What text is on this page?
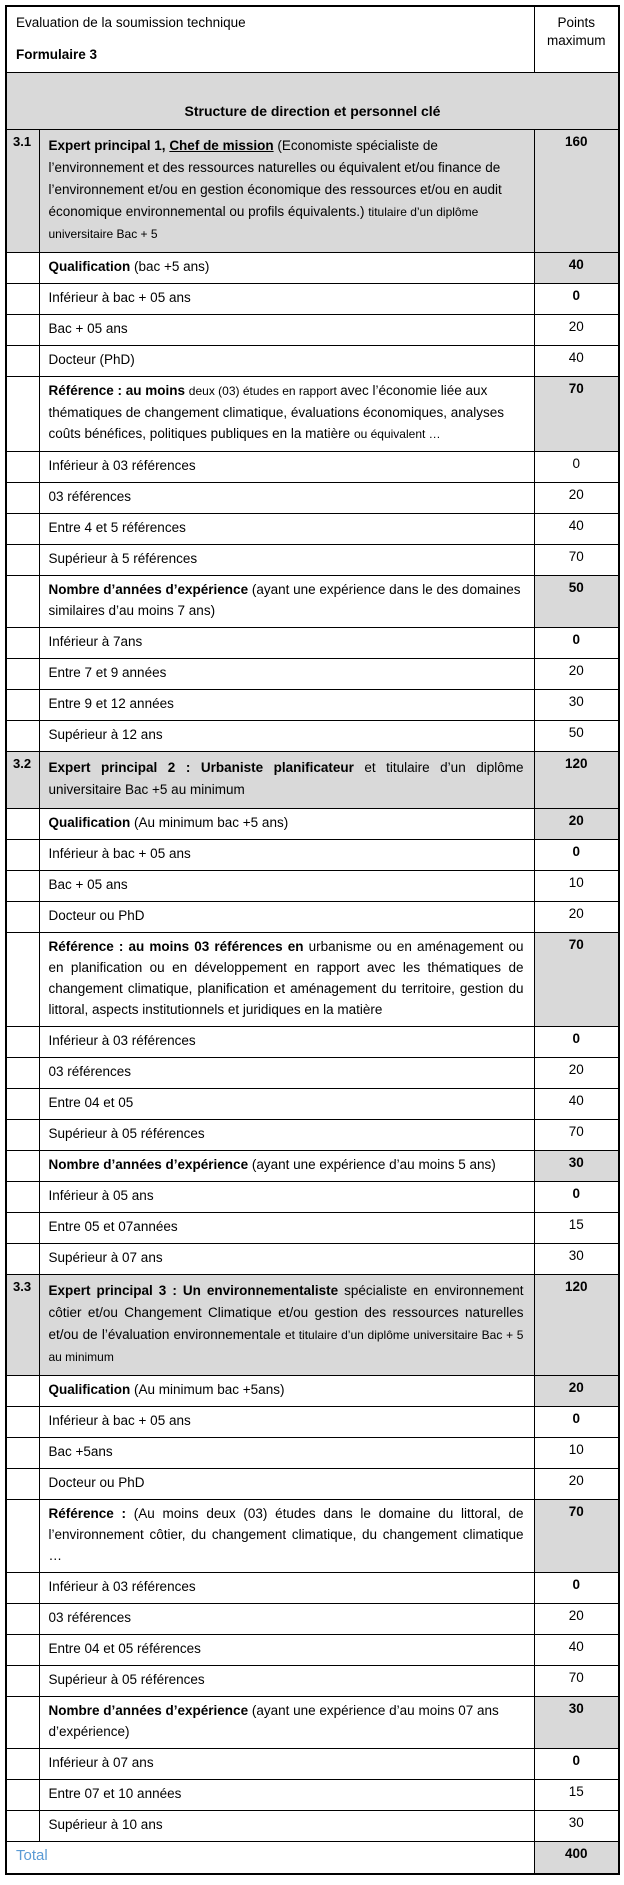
Evaluation de la soumission technique
Formulaire 3		Points maximum
Structure de direction et personnel clé		
3.1	Expert principal 1, Chef de mission (Economiste spécialiste de l’environnement et des ressources naturelles ou équivalent et/ou finance de l’environnement et/ou en gestion économique des ressources et/ou en audit économique environnemental ou profils équivalents.) titulaire d’un diplôme universitaire Bac + 5	160
	Qualification (bac +5 ans)	40
	Inférieur à bac + 05 ans	0
	Bac + 05 ans	20
	Docteur (PhD)	40
	Référence : au moins deux (03) études en rapport avec l’économie liée aux thématiques de changement climatique, évaluations économiques, analyses coûts bénéfices, politiques publiques en la matière ou équivalent …	70
	Inférieur à 03 références	0
	03 références	20
	Entre 4 et 5 références	40
	Supérieur à 5 références	70
	Nombre d’années d’expérience (ayant une expérience dans le des domaines similaires d’au moins 7 ans)	50
	Inférieur à 7ans	0
	Entre 7 et 9 années	20
	Entre 9 et 12 années	30
	Supérieur à 12 ans	50
3.2	Expert principal 2 : Urbaniste planificateur et titulaire d’un diplôme universitaire Bac +5 au minimum	120
	Qualification (Au minimum bac +5 ans)	20
	Inférieur à bac + 05 ans	0
	Bac + 05 ans	10
	Docteur ou PhD	20
	Référence : au moins 03 références en urbanisme ou en aménagement ou en planification ou en développement en rapport avec les thématiques de changement climatique, planification et aménagement du territoire, gestion du littoral, aspects institutionnels et juridiques en la matière	70
	Inférieur à 03 références	0
	03 références	20
	Entre 04 et 05	40
	Supérieur à 05 références	70
	Nombre d’années d’expérience (ayant une expérience d’au moins 5 ans)	30
	Inférieur à 05 ans	0
	Entre 05 et 07années	15
	Supérieur à 07 ans	30
3.3	Expert principal 3 : Un environnementaliste spécialiste en environnement côtier et/ou Changement Climatique et/ou gestion des ressources naturelles et/ou de l’évaluation environnementale et titulaire d’un diplôme universitaire Bac + 5 au minimum	120
	Qualification (Au minimum bac +5ans)	20
	Inférieur à bac + 05 ans	0
	Bac +5ans	10
	Docteur ou PhD	20
	Référence : (Au moins deux (03) études dans le domaine du littoral, de l’environnement côtier, du changement climatique, du changement climatique …	70
	Inférieur à 03 références	0
	03 références	20
	Entre 04 et 05 références	40
	Supérieur à 05 références	70
	Nombre d’années d’expérience (ayant une expérience d’au moins 07 ans d’expérience)	30
	Inférieur à 07 ans	0
	Entre 07 et 10 années	15
	Supérieur à 10 ans	30
Total		400
